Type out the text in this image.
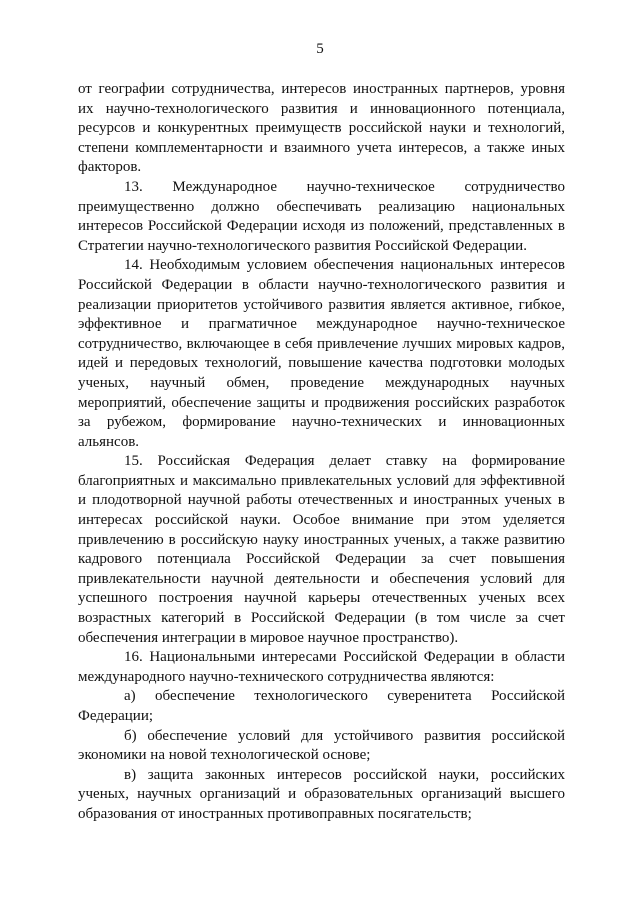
5

от географии сотрудничества, интересов иностранных партнеров, уровня их научно-технологического развития и инновационного потенциала, ресурсов и конкурентных преимуществ российской науки и технологий, степени комплементарности и взаимного учета интересов, а также иных факторов.

13. Международное научно-техническое сотрудничество преимущественно должно обеспечивать реализацию национальных интересов Российской Федерации исходя из положений, представленных в Стратегии научно-технологического развития Российской Федерации.

14. Необходимым условием обеспечения национальных интересов Российской Федерации в области научно-технологического развития и реализации приоритетов устойчивого развития является активное, гибкое, эффективное и прагматичное международное научно-техническое сотрудничество, включающее в себя привлечение лучших мировых кадров, идей и передовых технологий, повышение качества подготовки молодых ученых, научный обмен, проведение международных научных мероприятий, обеспечение защиты и продвижения российских разработок за рубежом, формирование научно-технических и инновационных альянсов.

15. Российская Федерация делает ставку на формирование благоприятных и максимально привлекательных условий для эффективной и плодотворной научной работы отечественных и иностранных ученых в интересах российской науки. Особое внимание при этом уделяется привлечению в российскую науку иностранных ученых, а также развитию кадрового потенциала Российской Федерации за счет повышения привлекательности научной деятельности и обеспечения условий для успешного построения научной карьеры отечественных ученых всех возрастных категорий в Российской Федерации (в том числе за счет обеспечения интеграции в мировое научное пространство).

16. Национальными интересами Российской Федерации в области международного научно-технического сотрудничества являются:

а) обеспечение технологического суверенитета Российской Федерации;

б) обеспечение условий для устойчивого развития российской экономики на новой технологической основе;

в) защита законных интересов российской науки, российских ученых, научных организаций и образовательных организаций высшего образования от иностранных противоправных посягательств;
